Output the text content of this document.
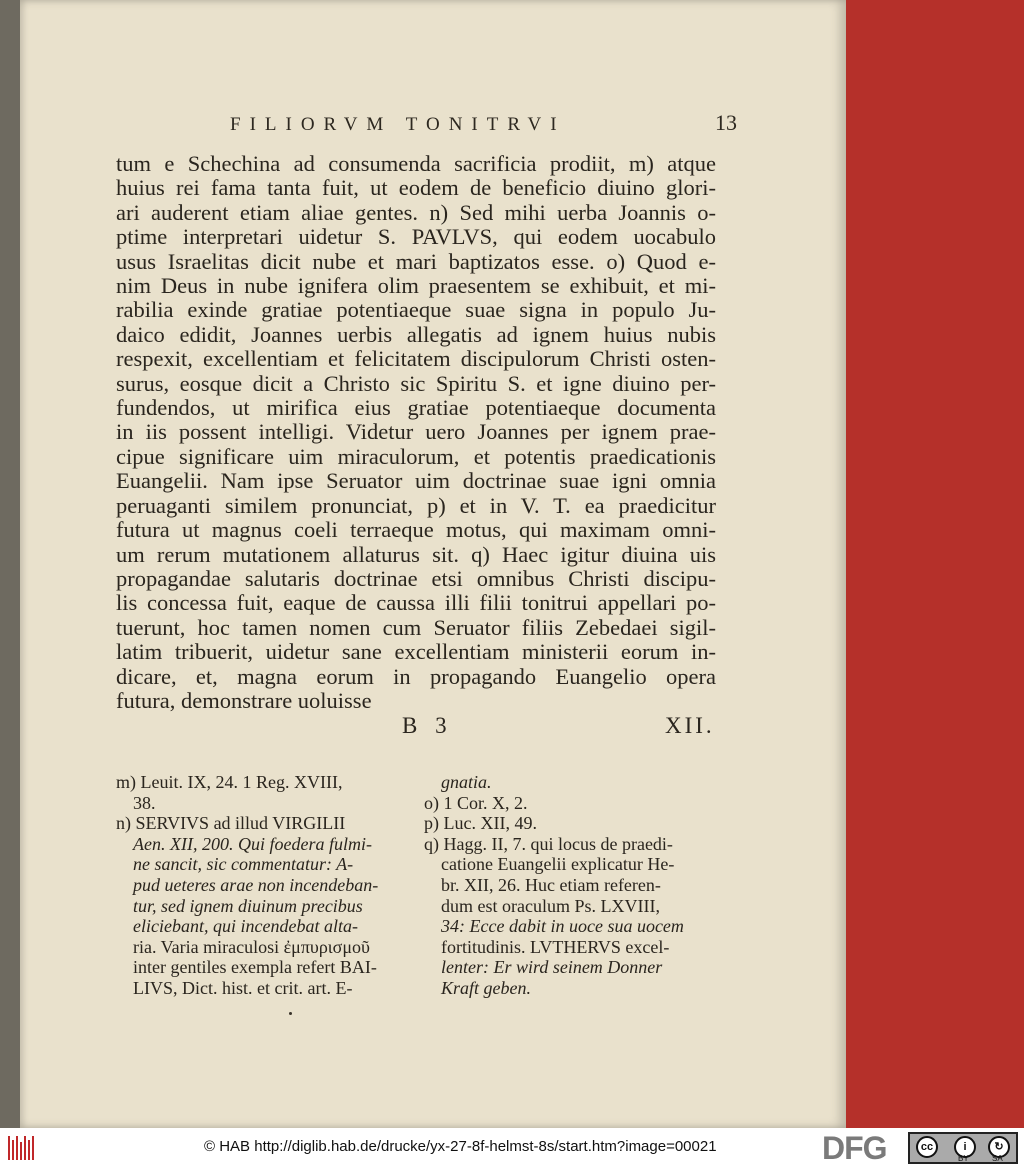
FILIORVM TONITRVI	13
tum e Schechina ad consumenda sacrificia prodiit, m) atque
huius rei fama tanta fuit, ut eodem de beneficio diuino glori-
ari auderent etiam aliae gentes. n) Sed mihi uerba Joannis o-
ptime interpretari uidetur S. PAVLVS, qui eodem uocabulo
usus Israelitas dicit nube et mari baptizatos esse. o) Quod e-
nim Deus in nube ignifera olim praesentem se exhibuit, et mi-
rabilia exinde gratiae potentiaeque suae signa in populo Ju-
daico edidit, Joannes uerbis allegatis ad ignem huius nubis
respexit, excellentiam et felicitatem discipulorum Christi osten-
surus, eosque dicit a Christo sic Spiritu S. et igne diuino per-
fundendos, ut mirifica eius gratiae potentiaeque documenta
in iis possent intelligi. Videtur uero Joannes per ignem prae-
cipue significare uim miraculorum, et potentis praedicationis
Euangelii. Nam ipse Seruator uim doctrinae suae igni omnia
peruaganti similem pronunciat, p) et in V. T. ea praedicitur
futura ut magnus coeli terraeque motus, qui maximam omni-
um rerum mutationem allaturus sit. q) Haec igitur diuina uis
propagandae salutaris doctrinae etsi omnibus Christi discipu-
lis concessa fuit, eaque de caussa illi filii tonitrui appellari po-
tuerunt, hoc tamen nomen cum Seruator filiis Zebedaei sigil-
latim tribuerit, uidetur sane excellentiam ministerii eorum in-
dicare, et, magna eorum in propagando Euangelio opera
futura, demonstrare uoluisse
B 3	XII.
m) Leuit. IX, 24. 1 Reg. XVIII,
38.
n) SERVIVS ad illud VIRGILII
Aen. XII, 200. Qui foedera fulmi-
ne sancit, sic commentatur: A-
pud ueteres arae non incendeban-
tur, sed ignem diuinum precibus
eliciebant, qui incendebat alta-
ria. Varia miraculosi ἐμπυρισμοῦ
inter gentiles exempla refert BAI-
LIVS, Dict. hist. et crit. art. E-
gnatia.
o) 1 Cor. X, 2.
p) Luc. XII, 49.
q) Hagg. II, 7. qui locus de praedi-
catione Euangelii explicatur He-
br. XII, 26. Huc etiam referen-
dum est oraculum Ps. LXVIII,
34: Ecce dabit in uoce sua uocem
fortitudinis. LVTHERVS excel-
lenter: Er wird seinem Donner
Kraft geben.
© HAB http://diglib.hab.de/drucke/yx-27-8f-helmst-8s/start.htm?image=00021	DFG	cc	i	↻
BY	SA
